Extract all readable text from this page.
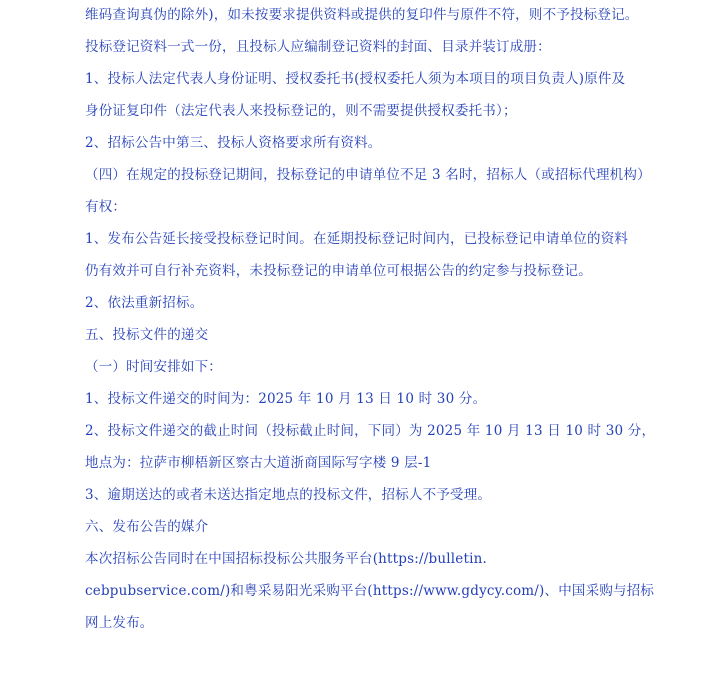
维码查询真伪的除外)，如未按要求提供资料或提供的复印件与原件不符，则不予投标登记。
投标登记资料一式一份，且投标人应编制登记资料的封面、目录并装订成册：
1、投标人法定代表人身份证明、授权委托书(授权委托人须为本项目的项目负责人)原件及
身份证复印件（法定代表人来投标登记的，则不需要提供授权委托书）；
2、招标公告中第三、投标人资格要求所有资料。
（四）在规定的投标登记期间，投标登记的申请单位不足 3 名时，招标人（或招标代理机构）
有权：
1、发布公告延长接受投标登记时间。在延期投标登记时间内，已投标登记申请单位的资料
仍有效并可自行补充资料，未投标登记的申请单位可根据公告的约定参与投标登记。
2、依法重新招标。
五、投标文件的递交
（一）时间安排如下：
1、投标文件递交的时间为：2025 年 10 月 13 日 10 时 30 分。
2、投标文件递交的截止时间（投标截止时间，下同）为 2025 年 10 月 13 日 10 时 30 分，
地点为：拉萨市柳梧新区察古大道浙商国际写字楼 9 层-1
3、逾期送达的或者未送达指定地点的投标文件，招标人不予受理。
六、发布公告的媒介
本次招标公告同时在中国招标投标公共服务平台(https://bulletin.
cebpubservice.com/)和粤采易阳光采购平台(https://www.gdycy.com/)、中国采购与招标
网上发布。
